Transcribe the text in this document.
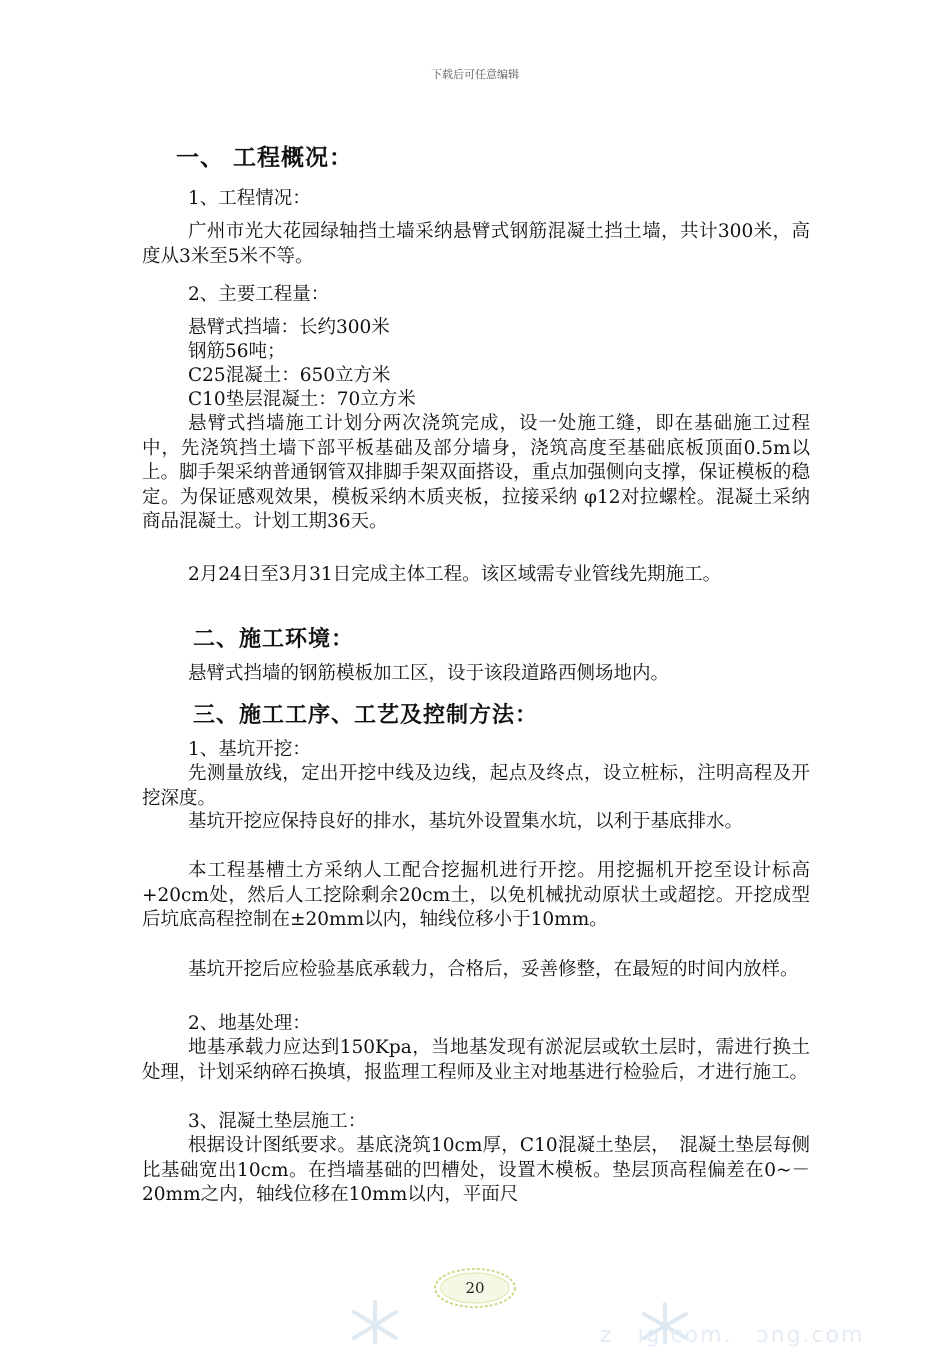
下载后可任意编辑
一、 工程概况：
1、工程情况：
广州市光大花园绿轴挡土墙采纳悬臂式钢筋混凝土挡土墙，共计300米，高度从3米至5米不等。
2、主要工程量：
悬臂式挡墙：长约300米
钢筋56吨；
C25混凝土：650立方米
C10垫层混凝土：70立方米
悬臂式挡墙施工计划分两次浇筑完成，设一处施工缝，即在基础施工过程中，先浇筑挡土墙下部平板基础及部分墙身，浇筑高度至基础底板顶面0.5m以上。脚手架采纳普通钢管双排脚手架双面搭设，重点加强侧向支撑，保证模板的稳定。为保证感观效果，模板采纳木质夹板，拉接采纳 φ12对拉螺栓。混凝土采纳商品混凝土。计划工期36天。
2月24日至3月31日完成主体工程。该区域需专业管线先期施工。
二、施工环境：
悬臂式挡墙的钢筋模板加工区，设于该段道路西侧场地内。
三、施工工序、工艺及控制方法：
1、基坑开挖：
先测量放线，定出开挖中线及边线，起点及终点，设立桩标，注明高程及开挖深度。
基坑开挖应保持良好的排水，基坑外设置集水坑，以利于基底排水。
本工程基槽土方采纳人工配合挖掘机进行开挖。用挖掘机开挖至设计标高+20cm处，然后人工挖除剩余20cm土，以免机械扰动原状土或超挖。开挖成型后坑底高程控制在±20mm以内，轴线位移小于10mm。
基坑开挖后应检验基底承载力，合格后，妥善修整，在最短的时间内放样。
2、地基处理：
地基承载力应达到150Kpa，当地基发现有淤泥层或软土层时，需进行换土处理，计划采纳碎石换填，报监理工程师及业主对地基进行检验后，才进行施工。
3、混凝土垫层施工：
根据设计图纸要求。基底浇筑10cm厚，C10混凝土垫层，　混凝土垫层每侧比基础宽出10cm。在挡墙基础的凹槽处，设置木模板。垫层顶高程偏差在0~－20mm之内，轴线位移在10mm以内，平面尺
z　ıg.com.　ɔng.com
20
